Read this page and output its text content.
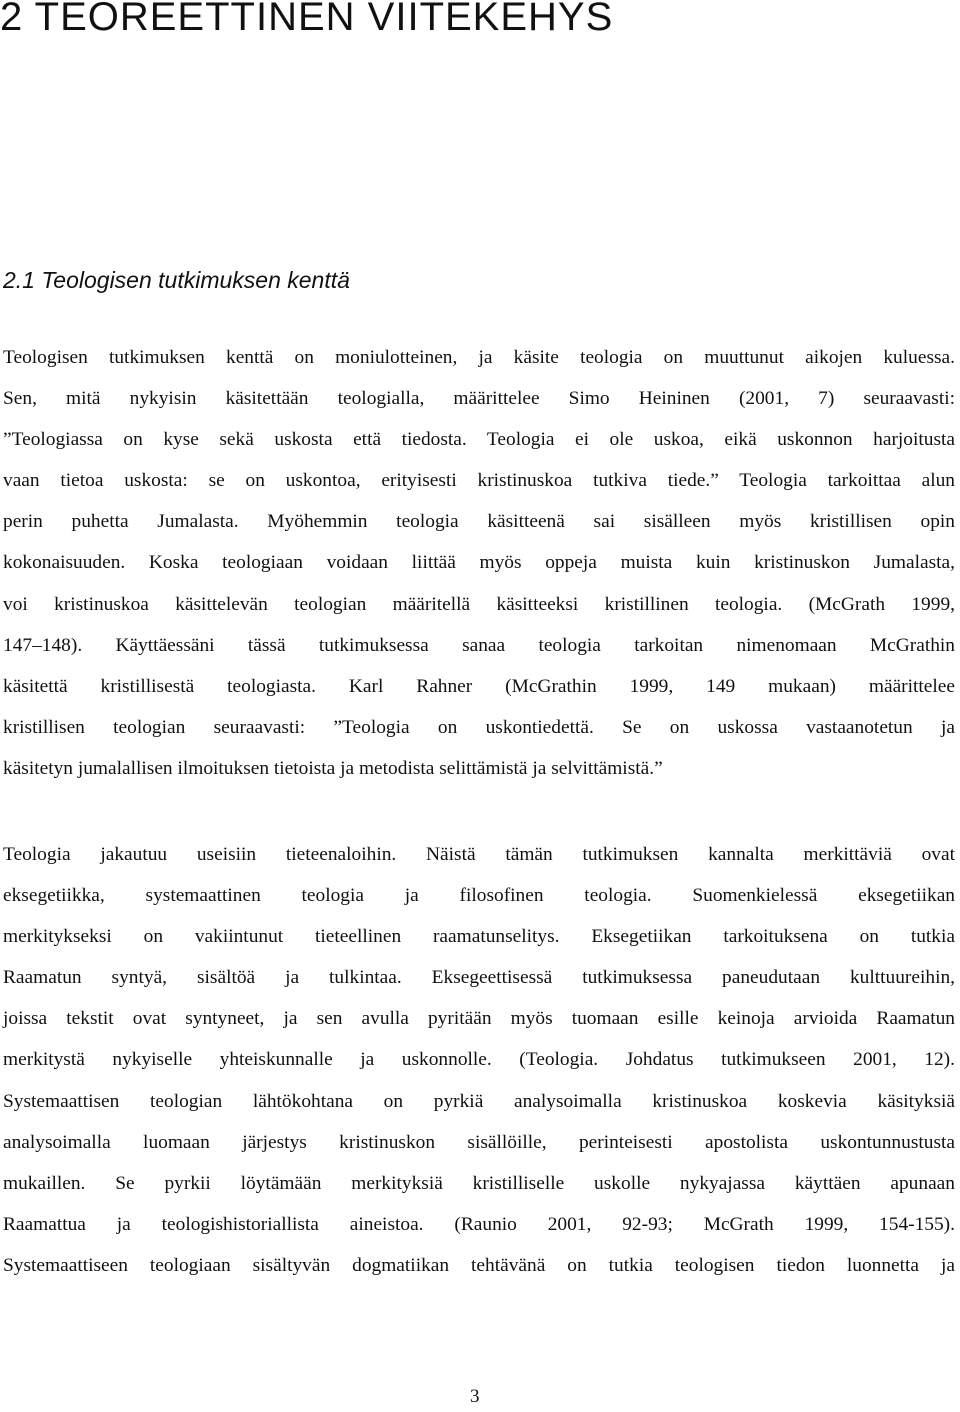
2 TEOREETTINEN VIITEKEHYS
2.1 Teologisen tutkimuksen kenttä
Teologisen tutkimuksen kenttä on moniulotteinen, ja käsite teologia on muuttunut aikojen kuluessa.
Sen, mitä nykyisin käsitettään teologialla, määrittelee Simo Heininen (2001, 7) seuraavasti:
”Teologiassa on kyse sekä uskosta että tiedosta. Teologia ei ole uskoa, eikä uskonnon harjoitusta
vaan tietoa uskosta: se on uskontoa, erityisesti kristinuskoa tutkiva tiede.” Teologia tarkoittaa alun
perin puhetta Jumalasta. Myöhemmin teologia käsitteenä sai sisälleen myös kristillisen opin
kokonaisuuden. Koska teologiaan voidaan liittää myös oppeja muista kuin kristinuskon Jumalasta,
voi kristinuskoa käsittelevän teologian määritellä käsitteeksi kristillinen teologia. (McGrath 1999,
147–148). Käyttäessäni tässä tutkimuksessa sanaa teologia tarkoitan nimenomaan McGrathin
käsitettä kristillisestä teologiasta. Karl Rahner (McGrathin 1999, 149 mukaan) määrittelee
kristillisen teologian seuraavasti: ”Teologia on uskontiedettä. Se on uskossa vastaanotetun ja
käsitetyn jumalallisen ilmoituksen tietoista ja metodista selittämistä ja selvittämistä.”
Teologia jakautuu useisiin tieteenaloihin. Näistä tämän tutkimuksen kannalta merkittäviä ovat
eksegetiikka, systemaattinen teologia ja filosofinen teologia. Suomenkielessä eksegetiikan
merkitykseksi on vakiintunut tieteellinen raamatunselitys. Eksegetiikan tarkoituksena on tutkia
Raamatun syntyä, sisältöä ja tulkintaa. Eksegeettisessä tutkimuksessa paneudutaan kulttuureihin,
joissa tekstit ovat syntyneet, ja sen avulla pyritään myös tuomaan esille keinoja arvioida Raamatun
merkitystä nykyiselle yhteiskunnalle ja uskonnolle. (Teologia. Johdatus tutkimukseen 2001, 12).
Systemaattisen teologian lähtökohtana on pyrkiä analysoimalla kristinuskoa koskevia käsityksiä
analysoimalla luomaan järjestys kristinuskon sisällöille, perinteisesti apostolista uskontunnustusta
mukaillen. Se pyrkii löytämään merkityksiä kristilliselle uskolle nykyajassa käyttäen apunaan
Raamattua ja teologishistoriallista aineistoa. (Raunio 2001, 92-93; McGrath 1999, 154-155).
Systemaattiseen teologiaan sisältyvän dogmatiikan tehtävänä on tutkia teologisen tiedon luonnetta ja
3
